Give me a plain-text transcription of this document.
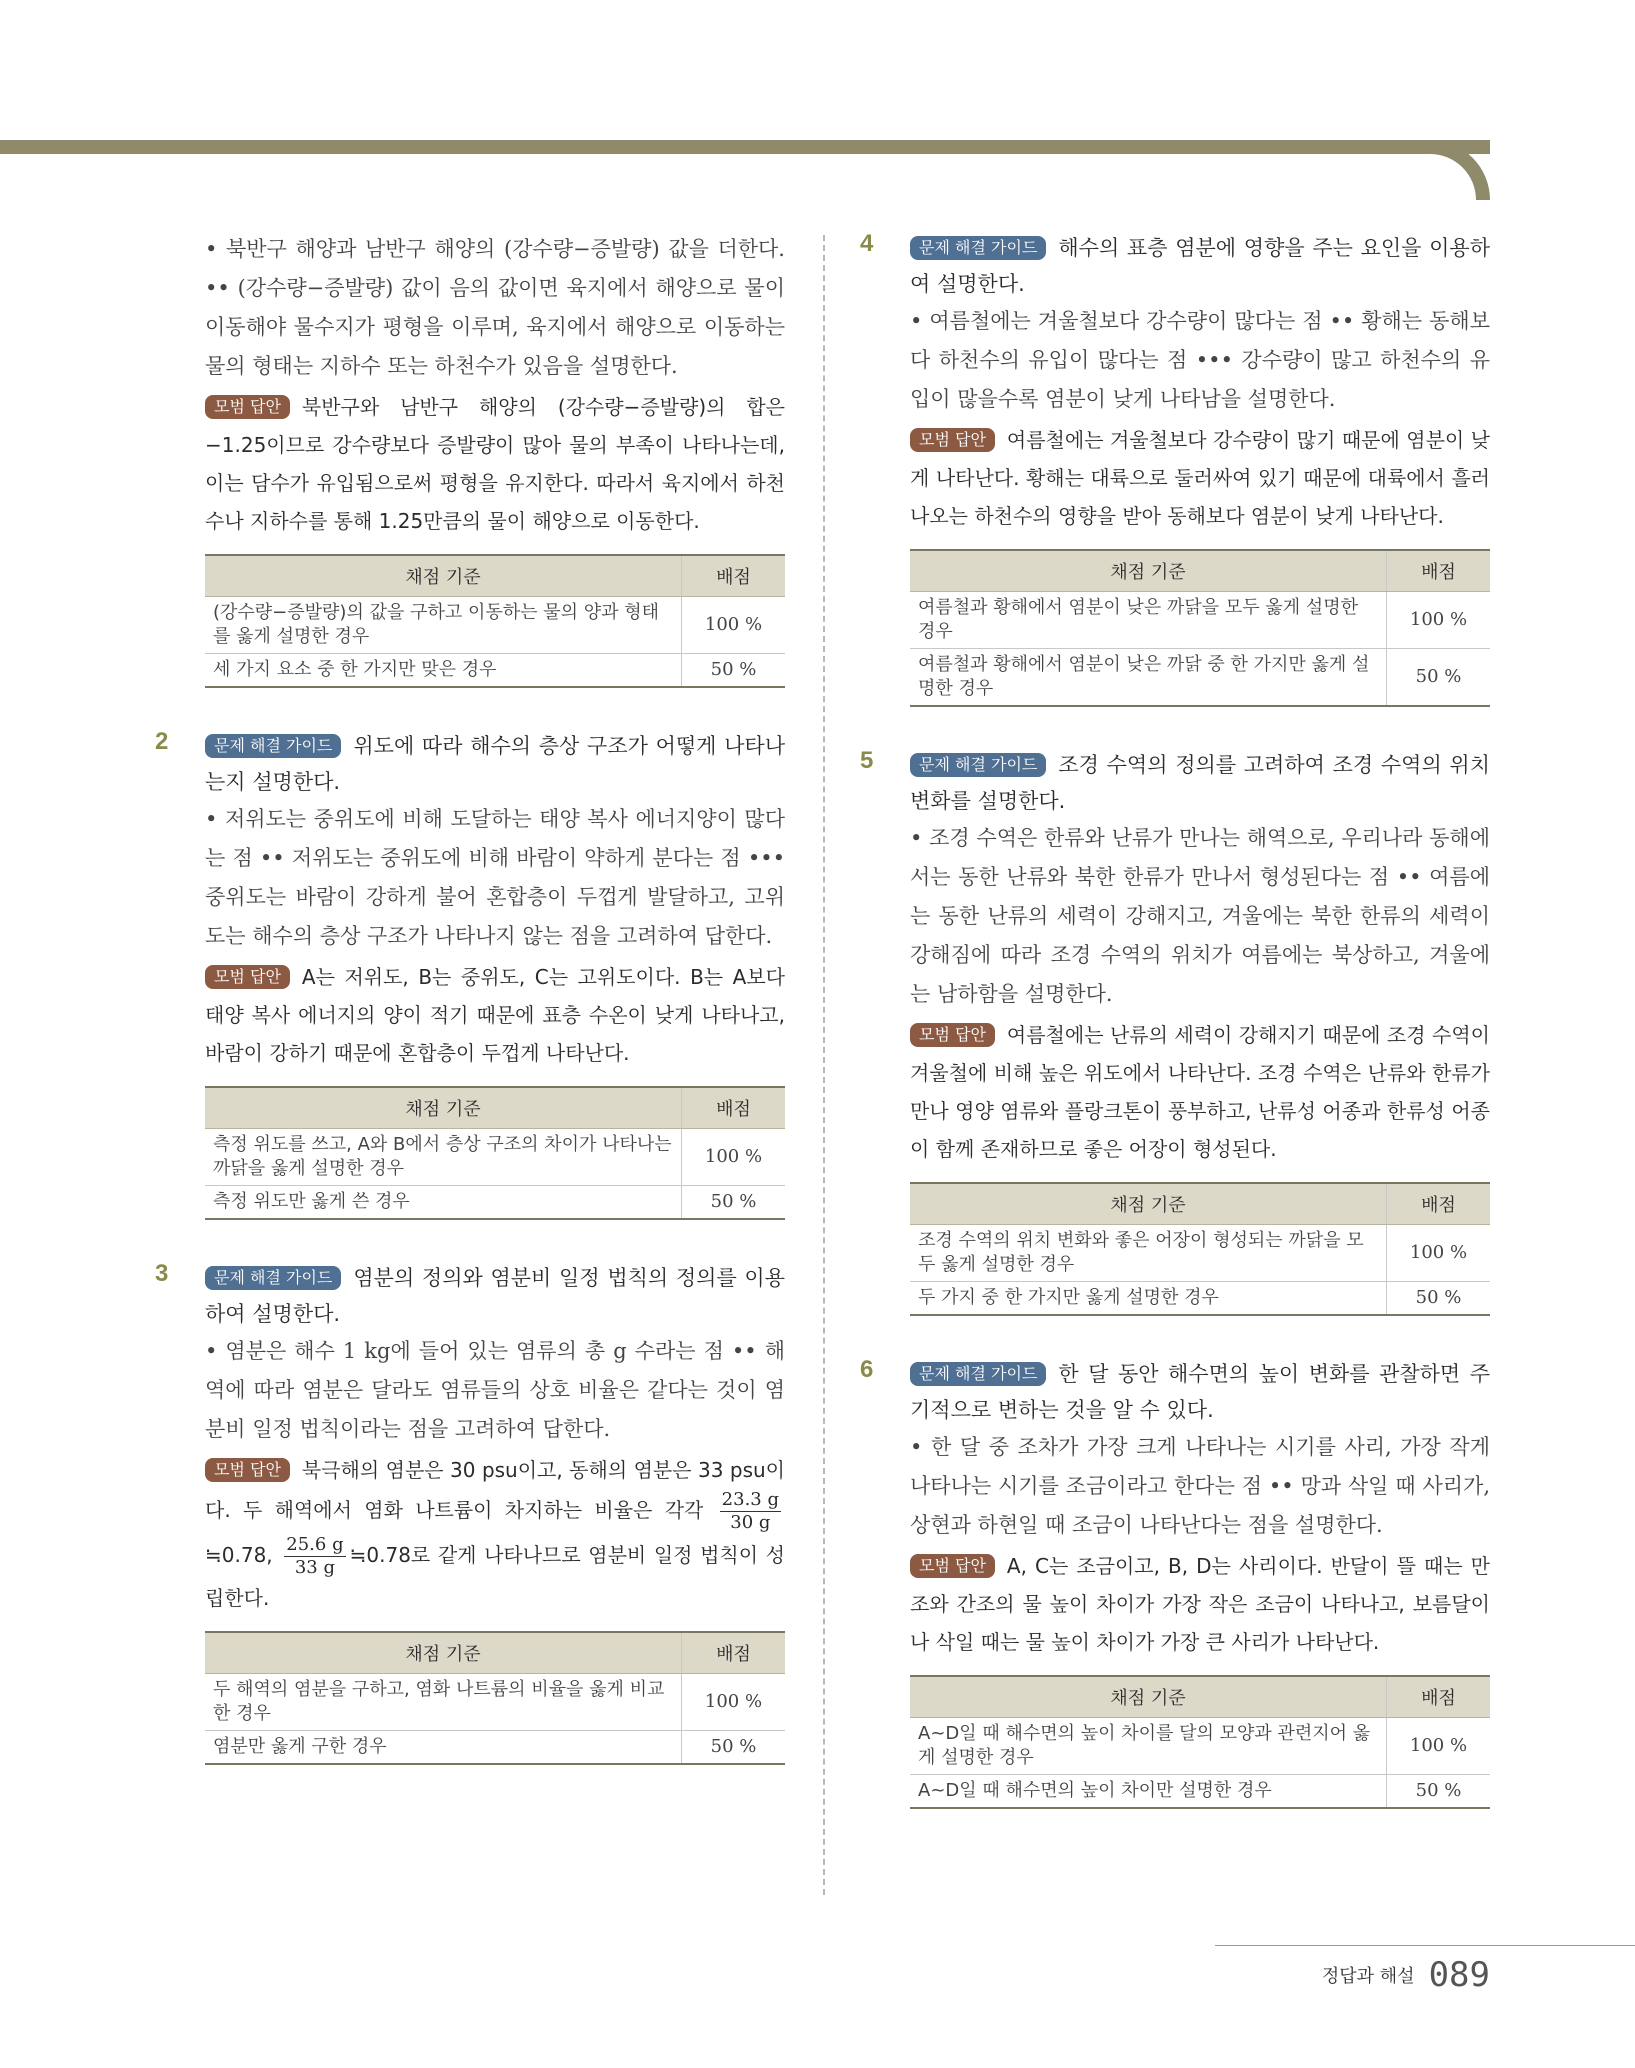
• 북반구 해양과 남반구 해양의 (강수량−증발량) 값을 더한다. •• (강수량−증발량) 값이 음의 값이면 육지에서 해양으로 물이 이동해야 물수지가 평형을 이루며, 육지에서 해양으로 이동하는 물의 형태는 지하수 또는 하천수가 있음을 설명한다.

모범 답안 북반구와 남반구 해양의 (강수량−증발량)의 합은 −1.25이므로 강수량보다 증발량이 많아 물의 부족이 나타나는데, 이는 담수가 유입됨으로써 평형을 유지한다. 따라서 육지에서 하천수나 지하수를 통해 1.25만큼의 물이 해양으로 이동한다.

채점 기준	배점
(강수량−증발량)의 값을 구하고 이동하는 물의 양과 형태를 옳게 설명한 경우	100 %
세 가지 요소 중 한 가지만 맞은 경우	50 %
2	문제 해결 가이드 위도에 따라 해수의 층상 구조가 어떻게 나타나는지 설명한다.

• 저위도는 중위도에 비해 도달하는 태양 복사 에너지양이 많다는 점 •• 저위도는 중위도에 비해 바람이 약하게 분다는 점 ••• 중위도는 바람이 강하게 불어 혼합층이 두껍게 발달하고, 고위도는 해수의 층상 구조가 나타나지 않는 점을 고려하여 답한다.

모범 답안 A는 저위도, B는 중위도, C는 고위도이다. B는 A보다 태양 복사 에너지의 양이 적기 때문에 표층 수온이 낮게 나타나고, 바람이 강하기 때문에 혼합층이 두껍게 나타난다.

채점 기준	배점
측정 위도를 쓰고, A와 B에서 층상 구조의 차이가 나타나는 까닭을 옳게 설명한 경우	100 %
측정 위도만 옳게 쓴 경우	50 %
3	문제 해결 가이드 염분의 정의와 염분비 일정 법칙의 정의를 이용하여 설명한다.

• 염분은 해수 1 kg에 들어 있는 염류의 총 g 수라는 점 •• 해역에 따라 염분은 달라도 염류들의 상호 비율은 같다는 것이 염분비 일정 법칙이라는 점을 고려하여 답한다.

모범 답안 북극해의 염분은 30 psu이고, 동해의 염분은 33 psu이다. 두 해역에서 염화 나트륨이 차지하는 비율은 각각 $\frac{23.3 g}{30 g}$
≒0.78, $\frac{25.6 g}{33 g}$ ≒0.78로 같게 나타나므로 염분비 일정 법칙이 성립한다.

채점 기준	배점
두 해역의 염분을 구하고, 염화 나트륨의 비율을 옳게 비교한 경우	100 %
염분만 옳게 구한 경우	50 %
4	문제 해결 가이드 해수의 표층 염분에 영향을 주는 요인을 이용하여 설명한다.

• 여름철에는 겨울철보다 강수량이 많다는 점 •• 황해는 동해보다 하천수의 유입이 많다는 점 ••• 강수량이 많고 하천수의 유입이 많을수록 염분이 낮게 나타남을 설명한다.

모범 답안 여름철에는 겨울철보다 강수량이 많기 때문에 염분이 낮게 나타난다. 황해는 대륙으로 둘러싸여 있기 때문에 대륙에서 흘러나오는 하천수의 영향을 받아 동해보다 염분이 낮게 나타난다.

채점 기준	배점
여름철과 황해에서 염분이 낮은 까닭을 모두 옳게 설명한 경우	100 %
여름철과 황해에서 염분이 낮은 까닭 중 한 가지만 옳게 설명한 경우	50 %
5	문제 해결 가이드 조경 수역의 정의를 고려하여 조경 수역의 위치 변화를 설명한다.

• 조경 수역은 한류와 난류가 만나는 해역으로, 우리나라 동해에서는 동한 난류와 북한 한류가 만나서 형성된다는 점 •• 여름에는 동한 난류의 세력이 강해지고, 겨울에는 북한 한류의 세력이 강해짐에 따라 조경 수역의 위치가 여름에는 북상하고, 겨울에는 남하함을 설명한다.

모범 답안 여름철에는 난류의 세력이 강해지기 때문에 조경 수역이 겨울철에 비해 높은 위도에서 나타난다. 조경 수역은 난류와 한류가 만나 영양 염류와 플랑크톤이 풍부하고, 난류성 어종과 한류성 어종이 함께 존재하므로 좋은 어장이 형성된다.

채점 기준	배점
조경 수역의 위치 변화와 좋은 어장이 형성되는 까닭을 모두 옳게 설명한 경우	100 %
두 가지 중 한 가지만 옳게 설명한 경우	50 %
6	문제 해결 가이드 한 달 동안 해수면의 높이 변화를 관찰하면 주기적으로 변하는 것을 알 수 있다.

• 한 달 중 조차가 가장 크게 나타나는 시기를 사리, 가장 작게 나타나는 시기를 조금이라고 한다는 점 •• 망과 삭일 때 사리가, 상현과 하현일 때 조금이 나타난다는 점을 설명한다.

모범 답안 A, C는 조금이고, B, D는 사리이다. 반달이 뜰 때는 만조와 간조의 물 높이 차이가 가장 작은 조금이 나타나고, 보름달이나 삭일 때는 물 높이 차이가 가장 큰 사리가 나타난다.

채점 기준	배점
A~D일 때 해수면의 높이 차이를 달의 모양과 관련지어 옳게 설명한 경우	100 %
A~D일 때 해수면의 높이 차이만 설명한 경우	50 %
정답과 해설 089
